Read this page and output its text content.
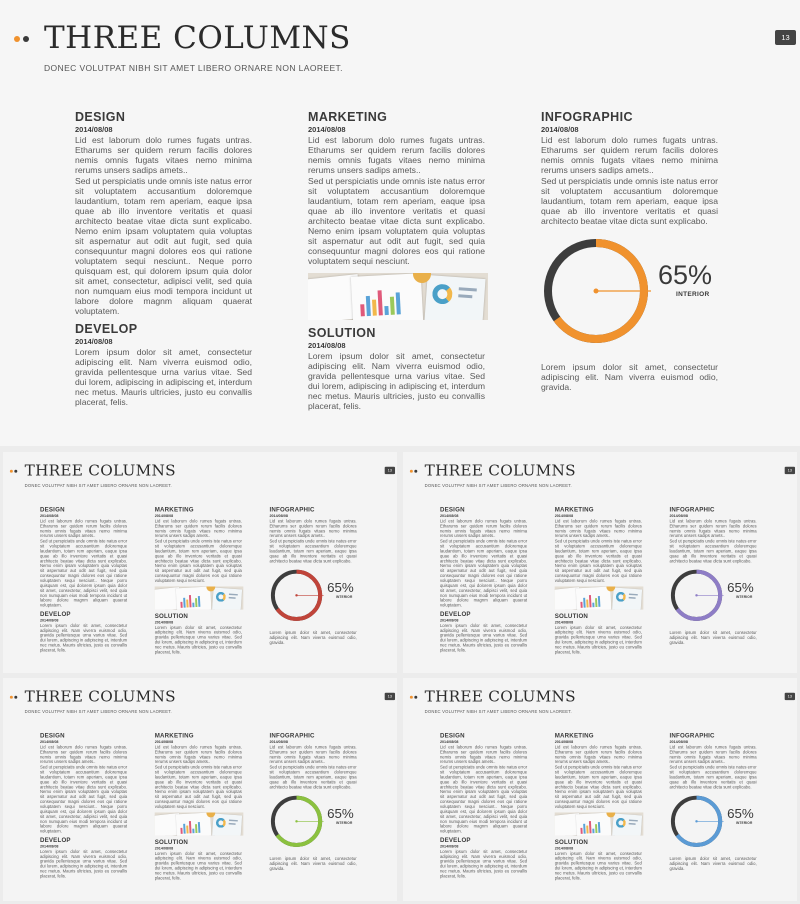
THREE COLUMNS
DONEC VOLUTPAT NIBH SIT AMET LIBERO ORNARE NON LAOREET.
13
DESIGN
2014/08/08
Lid est laborum dolo rumes fugats untras. Etharums ser quidem rerum facilis dolores nemis omnis fugats vitaes nemo minima rerums unsers sadips amets..
Sed ut perspiciatis unde omnis iste natus error sit voluptatem accusantium doloremque laudantium, totam rem aperiam, eaque ipsa quae ab illo inventore veritatis et quasi architecto beatae vitae dicta sunt explicabo. Nemo enim ipsam voluptatem quia voluptas sit aspernatur aut odit aut fugit, sed quia consequuntur magni dolores eos qui ratione voluptatem sequi nesciunt.. Neque porro quisquam est, qui dolorem ipsum quia dolor sit amet, consectetur, adipisci velit, sed quia non numquam eius modi tempora incidunt ut labore dolore magnm aliquam quaerat voluptatem.
DEVELOP
2014/08/08
Lorem ipsum dolor sit amet, consectetur adipiscing elit. Nam viverra euismod odio, gravida pellentesque urna varius vitae. Sed dui lorem, adipiscing in adipiscing et, interdum nec metus. Mauris ultricies, justo eu convallis placerat, felis.
MARKETING
2014/08/08
Lid est laborum dolo rumes fugats untras. Etharums ser quidem rerum facilis dolores nemis omnis fugats vitaes nemo minima rerums unsers sadips amets..
Sed ut perspiciatis unde omnis iste natus error sit voluptatem accusantium doloremque laudantium, totam rem aperiam, eaque ipsa quae ab illo inventore veritatis et quasi architecto beatae vitae dicta sunt explicabo. Nemo enim ipsam voluptatem quia voluptas sit aspernatur aut odit aut fugit, sed quia consequuntur magni dolores eos qui ratione voluptatem sequi nesciunt.
SOLUTION
2014/08/08
Lorem ipsum dolor sit amet, consectetur adipiscing elit. Nam viverra euismod odio, gravida pellentesque urna varius vitae. Sed dui lorem, adipiscing in adipiscing et, interdum nec metus. Mauris ultricies, justo eu convallis placerat, felis.
INFOGRAPHIC
2014/08/08
Lid est laborum dolo rumes fugats untras. Etharums ser quidem rerum facilis dolores nemis omnis fugats vitaes nemo minima rerums unsers sadips amets..
Sed ut perspiciatis unde omnis iste natus error sit voluptatem accusantium doloremque laudantium, totam rem aperiam, eaque ipsa quae ab illo inventore veritatis et quasi architecto beatae vitae dicta sunt explicabo.
65%
INTERIOR
Lorem ipsum dolor sit amet, consectetur adipiscing elit. Nam viverra euismod odio, gravida.
THREE COLUMNS
DONEC VOLUTPAT NIBH SIT AMET LIBERO ORNARE NON LAOREET.
13
DESIGN
2014/08/08
Lid est laborum dolo rumes fugats untras. Etharums ser quidem rerum facilis dolores nemis omnis fugats vitaes nemo minima rerums unsers sadips amets..
Sed ut perspiciatis unde omnis iste natus error sit voluptatem accusantium doloremque laudantium, totam rem aperiam, eaque ipsa quae ab illo inventore veritatis et quasi architecto beatae vitae dicta sunt explicabo. Nemo enim ipsam voluptatem quia voluptas sit aspernatur aut odit aut fugit, sed quia consequuntur magni dolores eos qui ratione voluptatem sequi nesciunt.. Neque porro quisquam est, qui dolorem ipsum quia dolor sit amet, consectetur, adipisci velit, sed quia non numquam eius modi tempora incidunt ut labore dolore magnm aliquam quaerat voluptatem.
DEVELOP
2014/08/08
Lorem ipsum dolor sit amet, consectetur adipiscing elit. Nam viverra euismod odio, gravida pellentesque urna varius vitae. Sed dui lorem, adipiscing in adipiscing et, interdum nec metus. Mauris ultricies, justo eu convallis placerat, felis.
MARKETING
2014/08/08
Lid est laborum dolo rumes fugats untras. Etharums ser quidem rerum facilis dolores nemis omnis fugats vitaes nemo minima rerums unsers sadips amets..
Sed ut perspiciatis unde omnis iste natus error sit voluptatem accusantium doloremque laudantium, totam rem aperiam, eaque ipsa quae ab illo inventore veritatis et quasi architecto beatae vitae dicta sunt explicabo. Nemo enim ipsam voluptatem quia voluptas sit aspernatur aut odit aut fugit, sed quia consequuntur magni dolores eos qui ratione voluptatem sequi nesciunt.
SOLUTION
2014/08/08
Lorem ipsum dolor sit amet, consectetur adipiscing elit. Nam viverra euismod odio, gravida pellentesque urna varius vitae. Sed dui lorem, adipiscing in adipiscing et, interdum nec metus. Mauris ultricies, justo eu convallis placerat, felis.
INFOGRAPHIC
2014/08/08
Lid est laborum dolo rumes fugats untras. Etharums ser quidem rerum facilis dolores nemis omnis fugats vitaes nemo minima rerums unsers sadips amets..
Sed ut perspiciatis unde omnis iste natus error sit voluptatem accusantium doloremque laudantium, totam rem aperiam, eaque ipsa quae ab illo inventore veritatis et quasi architecto beatae vitae dicta sunt explicabo.
65%
INTERIOR
Lorem ipsum dolor sit amet, consectetur adipiscing elit. Nam viverra euismod odio, gravida.
THREE COLUMNS
DONEC VOLUTPAT NIBH SIT AMET LIBERO ORNARE NON LAOREET.
13
DESIGN
2014/08/08
Lid est laborum dolo rumes fugats untras. Etharums ser quidem rerum facilis dolores nemis omnis fugats vitaes nemo minima rerums unsers sadips amets..
Sed ut perspiciatis unde omnis iste natus error sit voluptatem accusantium doloremque laudantium, totam rem aperiam, eaque ipsa quae ab illo inventore veritatis et quasi architecto beatae vitae dicta sunt explicabo. Nemo enim ipsam voluptatem quia voluptas sit aspernatur aut odit aut fugit, sed quia consequuntur magni dolores eos qui ratione voluptatem sequi nesciunt.. Neque porro quisquam est, qui dolorem ipsum quia dolor sit amet, consectetur, adipisci velit, sed quia non numquam eius modi tempora incidunt ut labore dolore magnm aliquam quaerat voluptatem.
DEVELOP
2014/08/08
Lorem ipsum dolor sit amet, consectetur adipiscing elit. Nam viverra euismod odio, gravida pellentesque urna varius vitae. Sed dui lorem, adipiscing in adipiscing et, interdum nec metus. Mauris ultricies, justo eu convallis placerat, felis.
MARKETING
2014/08/08
Lid est laborum dolo rumes fugats untras. Etharums ser quidem rerum facilis dolores nemis omnis fugats vitaes nemo minima rerums unsers sadips amets..
Sed ut perspiciatis unde omnis iste natus error sit voluptatem accusantium doloremque laudantium, totam rem aperiam, eaque ipsa quae ab illo inventore veritatis et quasi architecto beatae vitae dicta sunt explicabo. Nemo enim ipsam voluptatem quia voluptas sit aspernatur aut odit aut fugit, sed quia consequuntur magni dolores eos qui ratione voluptatem sequi nesciunt.
SOLUTION
2014/08/08
Lorem ipsum dolor sit amet, consectetur adipiscing elit. Nam viverra euismod odio, gravida pellentesque urna varius vitae. Sed dui lorem, adipiscing in adipiscing et, interdum nec metus. Mauris ultricies, justo eu convallis placerat, felis.
INFOGRAPHIC
2014/08/08
Lid est laborum dolo rumes fugats untras. Etharums ser quidem rerum facilis dolores nemis omnis fugats vitaes nemo minima rerums unsers sadips amets..
Sed ut perspiciatis unde omnis iste natus error sit voluptatem accusantium doloremque laudantium, totam rem aperiam, eaque ipsa quae ab illo inventore veritatis et quasi architecto beatae vitae dicta sunt explicabo.
65%
INTERIOR
Lorem ipsum dolor sit amet, consectetur adipiscing elit. Nam viverra euismod odio, gravida.
THREE COLUMNS
DONEC VOLUTPAT NIBH SIT AMET LIBERO ORNARE NON LAOREET.
13
DESIGN
2014/08/08
Lid est laborum dolo rumes fugats untras. Etharums ser quidem rerum facilis dolores nemis omnis fugats vitaes nemo minima rerums unsers sadips amets..
Sed ut perspiciatis unde omnis iste natus error sit voluptatem accusantium doloremque laudantium, totam rem aperiam, eaque ipsa quae ab illo inventore veritatis et quasi architecto beatae vitae dicta sunt explicabo. Nemo enim ipsam voluptatem quia voluptas sit aspernatur aut odit aut fugit, sed quia consequuntur magni dolores eos qui ratione voluptatem sequi nesciunt.. Neque porro quisquam est, qui dolorem ipsum quia dolor sit amet, consectetur, adipisci velit, sed quia non numquam eius modi tempora incidunt ut labore dolore magnm aliquam quaerat voluptatem.
DEVELOP
2014/08/08
Lorem ipsum dolor sit amet, consectetur adipiscing elit. Nam viverra euismod odio, gravida pellentesque urna varius vitae. Sed dui lorem, adipiscing in adipiscing et, interdum nec metus. Mauris ultricies, justo eu convallis placerat, felis.
MARKETING
2014/08/08
Lid est laborum dolo rumes fugats untras. Etharums ser quidem rerum facilis dolores nemis omnis fugats vitaes nemo minima rerums unsers sadips amets..
Sed ut perspiciatis unde omnis iste natus error sit voluptatem accusantium doloremque laudantium, totam rem aperiam, eaque ipsa quae ab illo inventore veritatis et quasi architecto beatae vitae dicta sunt explicabo. Nemo enim ipsam voluptatem quia voluptas sit aspernatur aut odit aut fugit, sed quia consequuntur magni dolores eos qui ratione voluptatem sequi nesciunt.
SOLUTION
2014/08/08
Lorem ipsum dolor sit amet, consectetur adipiscing elit. Nam viverra euismod odio, gravida pellentesque urna varius vitae. Sed dui lorem, adipiscing in adipiscing et, interdum nec metus. Mauris ultricies, justo eu convallis placerat, felis.
INFOGRAPHIC
2014/08/08
Lid est laborum dolo rumes fugats untras. Etharums ser quidem rerum facilis dolores nemis omnis fugats vitaes nemo minima rerums unsers sadips amets..
Sed ut perspiciatis unde omnis iste natus error sit voluptatem accusantium doloremque laudantium, totam rem aperiam, eaque ipsa quae ab illo inventore veritatis et quasi architecto beatae vitae dicta sunt explicabo.
65%
INTERIOR
Lorem ipsum dolor sit amet, consectetur adipiscing elit. Nam viverra euismod odio, gravida.
THREE COLUMNS
DONEC VOLUTPAT NIBH SIT AMET LIBERO ORNARE NON LAOREET.
13
DESIGN
2014/08/08
Lid est laborum dolo rumes fugats untras. Etharums ser quidem rerum facilis dolores nemis omnis fugats vitaes nemo minima rerums unsers sadips amets..
Sed ut perspiciatis unde omnis iste natus error sit voluptatem accusantium doloremque laudantium, totam rem aperiam, eaque ipsa quae ab illo inventore veritatis et quasi architecto beatae vitae dicta sunt explicabo. Nemo enim ipsam voluptatem quia voluptas sit aspernatur aut odit aut fugit, sed quia consequuntur magni dolores eos qui ratione voluptatem sequi nesciunt.. Neque porro quisquam est, qui dolorem ipsum quia dolor sit amet, consectetur, adipisci velit, sed quia non numquam eius modi tempora incidunt ut labore dolore magnm aliquam quaerat voluptatem.
DEVELOP
2014/08/08
Lorem ipsum dolor sit amet, consectetur adipiscing elit. Nam viverra euismod odio, gravida pellentesque urna varius vitae. Sed dui lorem, adipiscing in adipiscing et, interdum nec metus. Mauris ultricies, justo eu convallis placerat, felis.
MARKETING
2014/08/08
Lid est laborum dolo rumes fugats untras. Etharums ser quidem rerum facilis dolores nemis omnis fugats vitaes nemo minima rerums unsers sadips amets..
Sed ut perspiciatis unde omnis iste natus error sit voluptatem accusantium doloremque laudantium, totam rem aperiam, eaque ipsa quae ab illo inventore veritatis et quasi architecto beatae vitae dicta sunt explicabo. Nemo enim ipsam voluptatem quia voluptas sit aspernatur aut odit aut fugit, sed quia consequuntur magni dolores eos qui ratione voluptatem sequi nesciunt.
SOLUTION
2014/08/08
Lorem ipsum dolor sit amet, consectetur adipiscing elit. Nam viverra euismod odio, gravida pellentesque urna varius vitae. Sed dui lorem, adipiscing in adipiscing et, interdum nec metus. Mauris ultricies, justo eu convallis placerat, felis.
INFOGRAPHIC
2014/08/08
Lid est laborum dolo rumes fugats untras. Etharums ser quidem rerum facilis dolores nemis omnis fugats vitaes nemo minima rerums unsers sadips amets..
Sed ut perspiciatis unde omnis iste natus error sit voluptatem accusantium doloremque laudantium, totam rem aperiam, eaque ipsa quae ab illo inventore veritatis et quasi architecto beatae vitae dicta sunt explicabo.
65%
INTERIOR
Lorem ipsum dolor sit amet, consectetur adipiscing elit. Nam viverra euismod odio, gravida.
